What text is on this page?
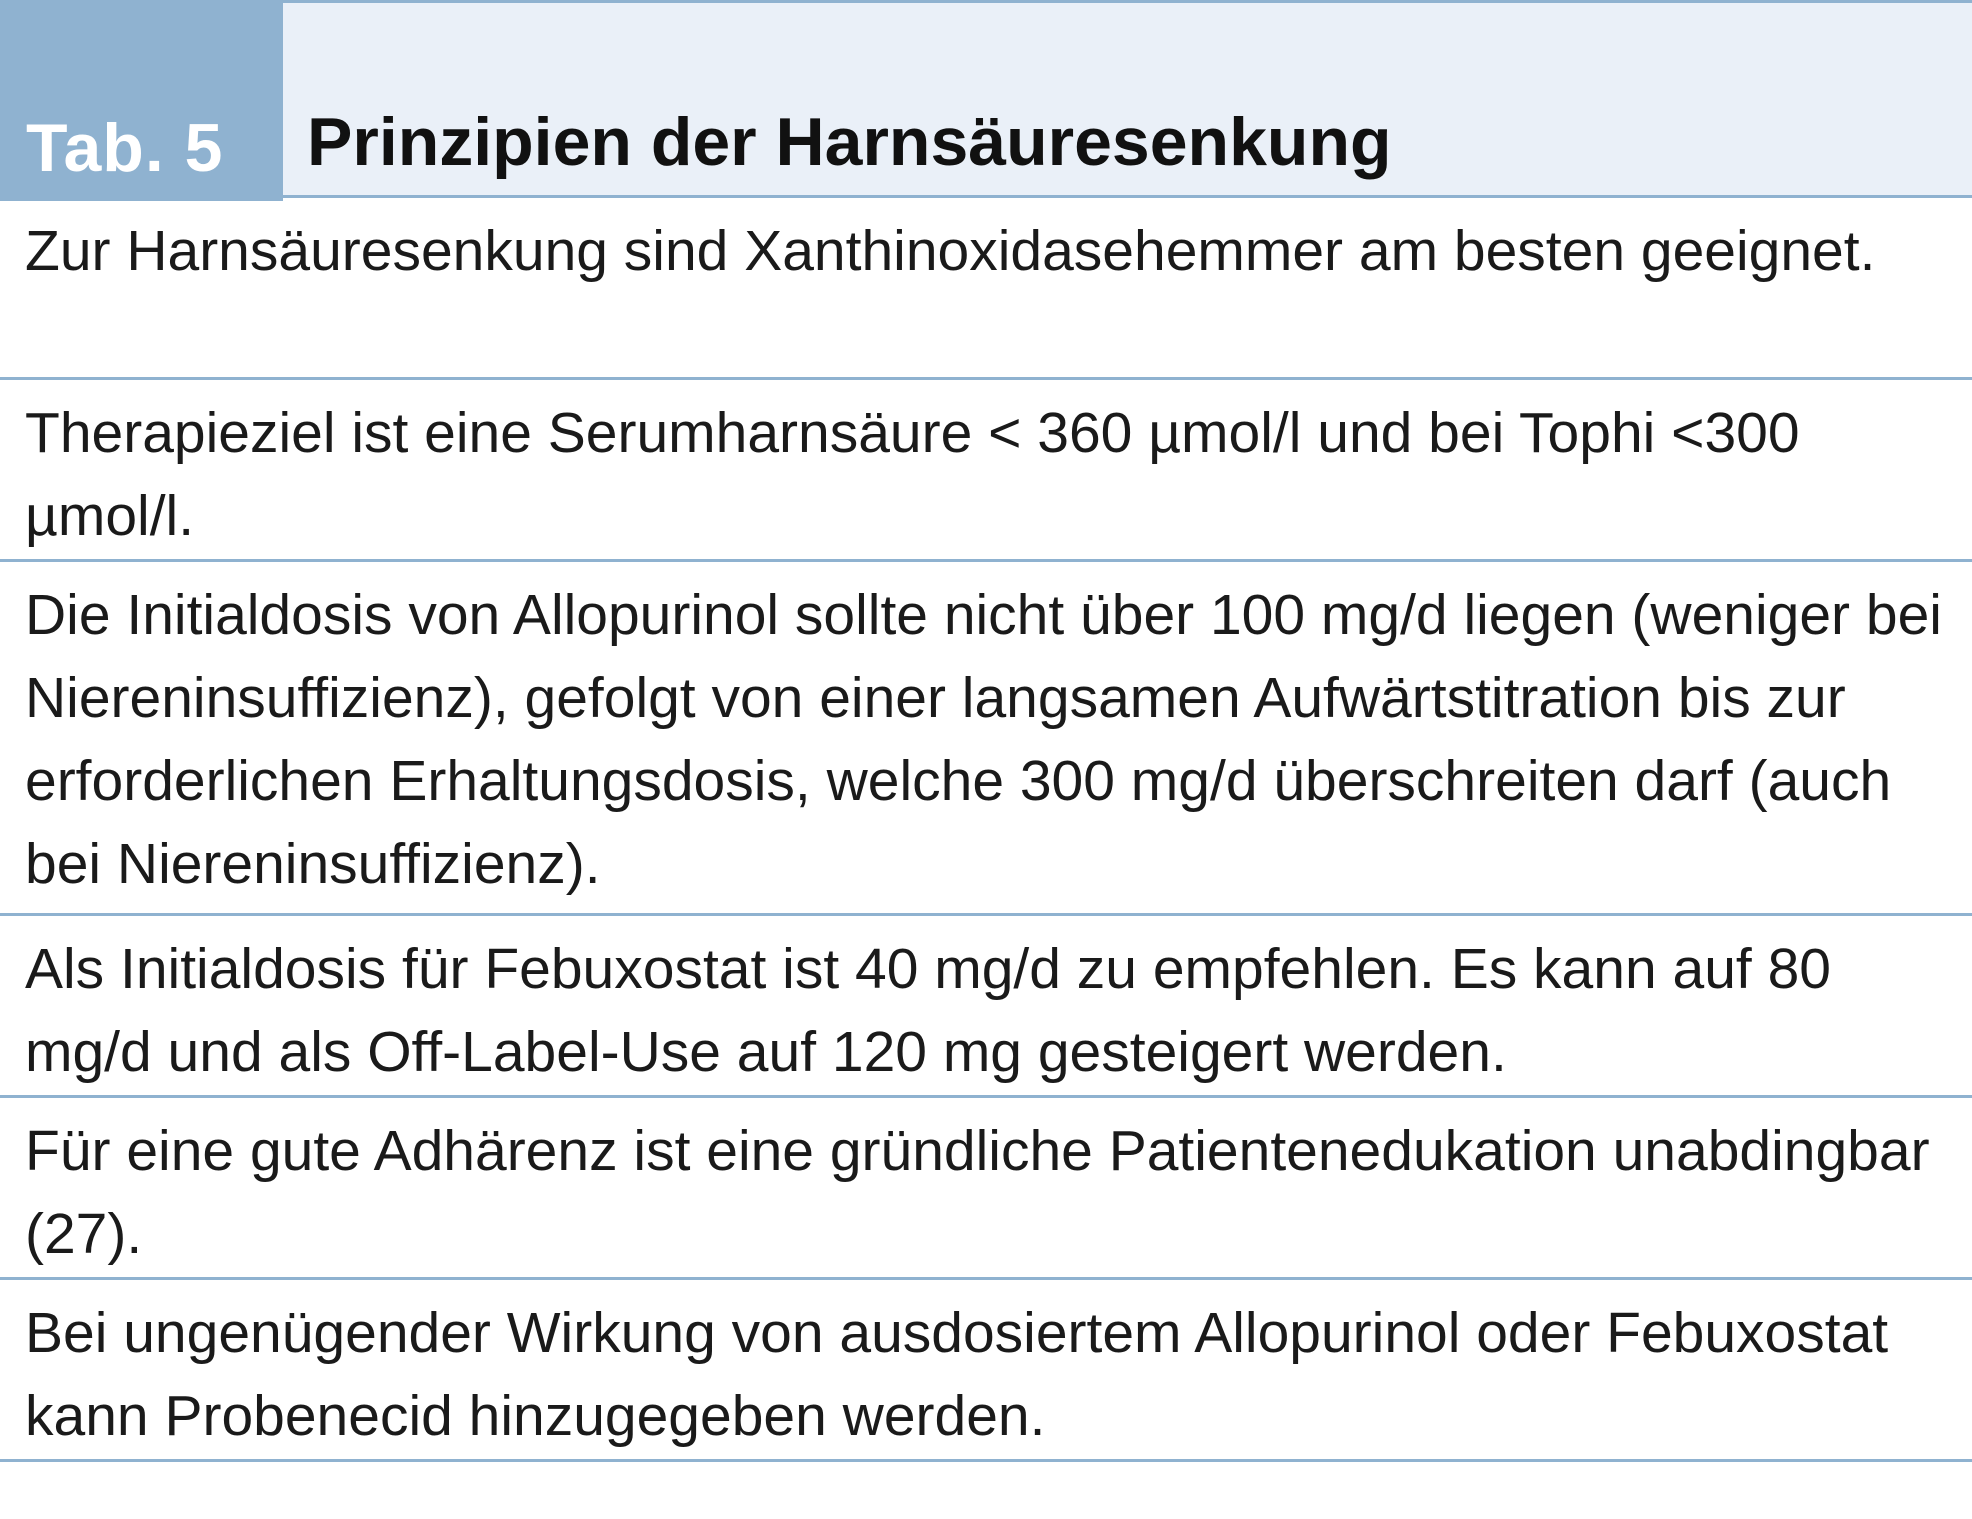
Tab. 5 Prinzipien der Harnsäuresenkung
Zur Harnsäuresenkung sind Xanthinoxidasehemmer am besten geeignet.
Therapieziel ist eine Serumharnsäure < 360 µmol/l und bei Tophi <300 µmol/l.
Die Initialdosis von Allopurinol sollte nicht über 100 mg/d liegen (weniger bei Niereninsuffizienz), gefolgt von einer langsamen Aufwärtstitration bis zur erforderlichen Erhaltungsdosis, welche 300 mg/d überschreiten darf (auch bei Niereninsuffizienz).
Als Initialdosis für Febuxostat ist 40 mg/d zu empfehlen. Es kann auf 80 mg/d und als Off-Label-Use auf 120 mg gesteigert werden.
Für eine gute Adhärenz ist eine gründliche Patientenedukation unabdingbar (27).
Bei ungenügender Wirkung von ausdosiertem Allopurinol oder Febuxostat kann Probenecid hinzugegeben werden.
